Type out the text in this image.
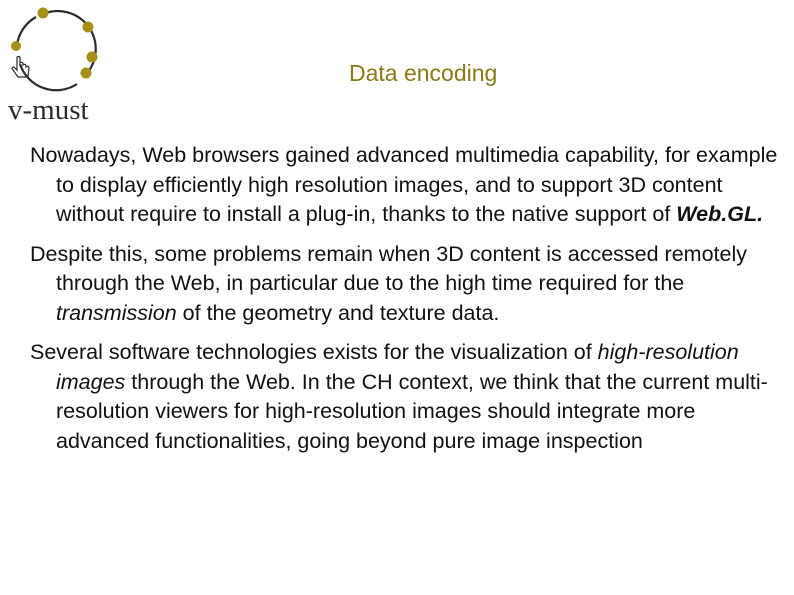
v-must
Data encoding

Nowadays, Web browsers gained advanced multimedia capability, for example to display efficiently high resolution images, and to support 3D content without require to install a plug-in, thanks to the native support of Web.GL.

Despite this, some problems remain when 3D content is accessed remotely through the Web, in particular due to the high time required for the transmission of the geometry and texture data.

Several software technologies exists for the visualization of high-resolution images through the Web. In the CH context, we think that the current multi-resolution viewers for high-resolution images should integrate more advanced functionalities, going beyond pure image inspection
